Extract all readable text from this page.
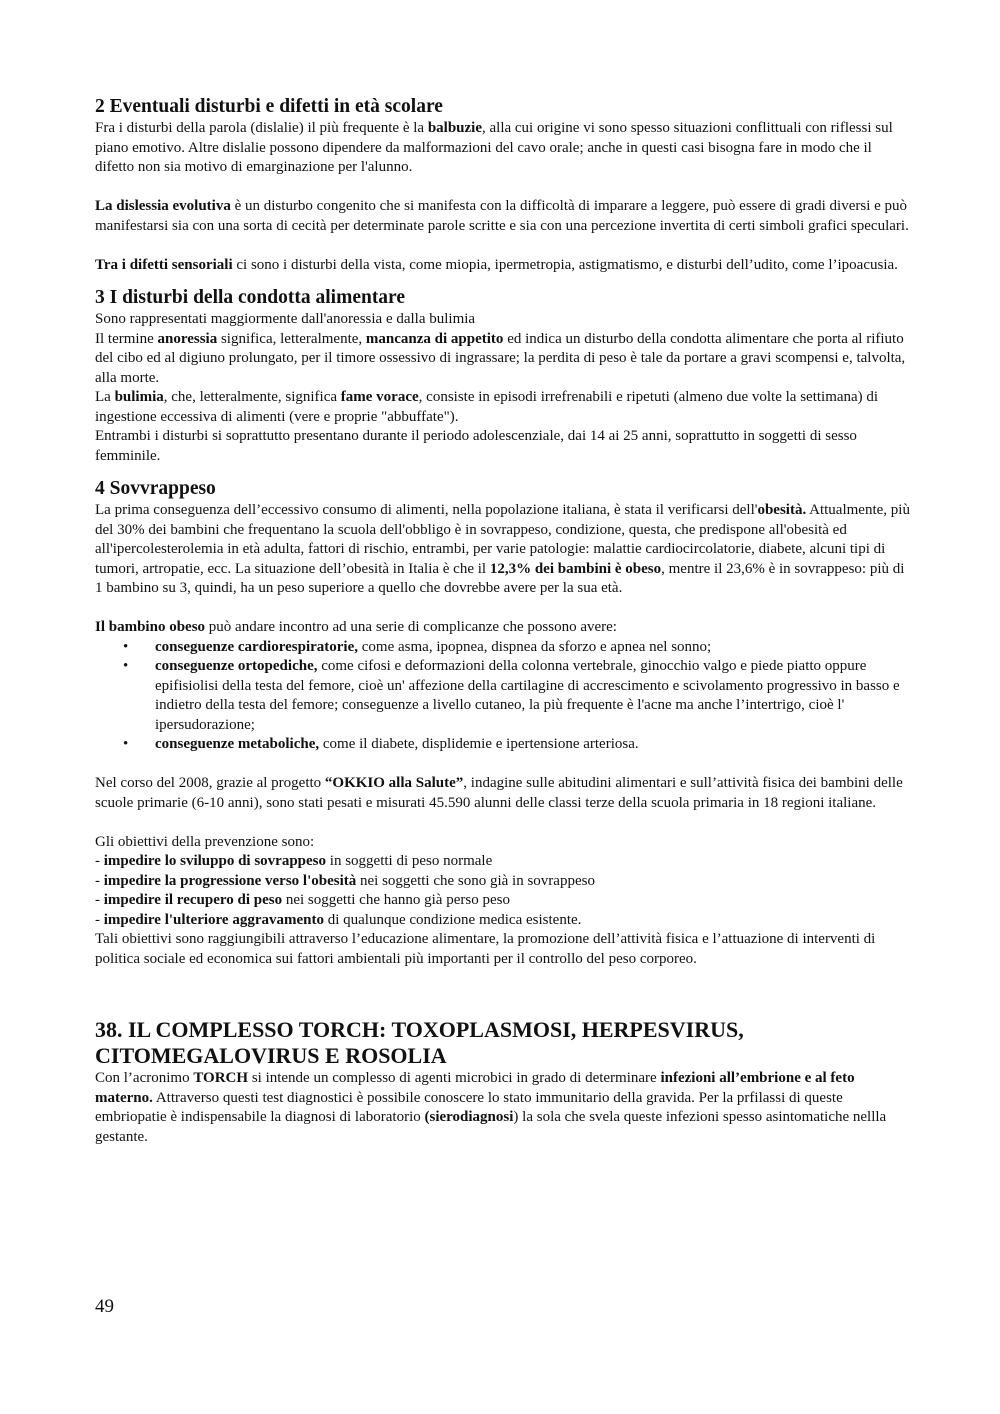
2 Eventuali disturbi e difetti in età scolare

Fra i disturbi della parola (dislalie) il più frequente è la balbuzie, alla cui origine vi sono spesso situazioni conflittuali con riflessi sul piano emotivo. Altre dislalie possono dipendere da malformazioni del cavo orale; anche in questi casi bisogna fare in modo che il difetto non sia motivo di emarginazione per l'alunno.

La dislessia evolutiva è un disturbo congenito che si manifesta con la difficoltà di imparare a leggere, può essere di gradi diversi e può manifestarsi sia con una sorta di cecità per determinate parole scritte e sia con una percezione invertita di certi simboli grafici speculari.

Tra i difetti sensoriali ci sono i disturbi della vista, come miopia, ipermetropia, astigmatismo, e disturbi dell’udito, come l’ipoacusia.

3 I disturbi della condotta alimentare

Sono rappresentati maggiormente dall'anoressia e dalla bulimia

Il termine anoressia significa, letteralmente, mancanza di appetito ed indica un disturbo della condotta alimentare che porta al rifiuto del cibo ed al digiuno prolungato, per il timore ossessivo di ingrassare; la perdita di peso è tale da portare a gravi scompensi e, talvolta, alla morte.

La bulimia, che, letteralmente, significa fame vorace, consiste in episodi irrefrenabili e ripetuti (almeno due volte la settimana) di ingestione eccessiva di alimenti (vere e proprie "abbuffate").

Entrambi i disturbi si soprattutto presentano durante il periodo adolescenziale, dai 14 ai 25 anni, soprattutto in soggetti di sesso femminile.

4 Sovvrappeso

La prima conseguenza dell’eccessivo consumo di alimenti, nella popolazione italiana, è stata il verificarsi dell'obesità. Attualmente, più del 30% dei bambini che frequentano la scuola dell'obbligo è in sovrappeso, condizione, questa, che predispone all'obesità ed all'ipercolesterolemia in età adulta, fattori di rischio, entrambi, per varie patologie: malattie cardiocircolatorie, diabete, alcuni tipi di tumori, artropatie, ecc. La situazione dell’obesità in Italia è che il 12,3% dei bambini è obeso, mentre il 23,6% è in sovrappeso: più di 1 bambino su 3, quindi, ha un peso superiore a quello che dovrebbe avere per la sua età.

Il bambino obeso può andare incontro ad una serie di complicanze che possono avere:

• conseguenze cardiorespiratorie, come asma, ipopnea, dispnea da sforzo e apnea nel sonno;
• conseguenze ortopediche, come cifosi e deformazioni della colonna vertebrale, ginocchio valgo e piede piatto oppure epifisiolisi della testa del femore, cioè un' affezione della cartilagine di accrescimento e scivolamento progressivo in basso e indietro della testa del femore; conseguenze a livello cutaneo, la più frequente è l'acne ma anche l’intertrigo, cioè l' ipersudorazione;
• conseguenze metaboliche, come il diabete, displidemie e ipertensione arteriosa.

Nel corso del 2008, grazie al progetto “OKKIO alla Salute”, indagine sulle abitudini alimentari e sull’attività fisica dei bambini delle scuole primarie (6-10 anni), sono stati pesati e misurati 45.590 alunni delle classi terze della scuola primaria in 18 regioni italiane.

Gli obiettivi della prevenzione sono:

- impedire lo sviluppo di sovrappeso in soggetti di peso normale

- impedire la progressione verso l'obesità nei soggetti che sono già in sovrappeso

- impedire il recupero di peso nei soggetti che hanno già perso peso

- impedire l'ulteriore aggravamento di qualunque condizione medica esistente.

Tali obiettivi sono raggiungibili attraverso l’educazione alimentare, la promozione dell’attività fisica e l’attuazione di interventi di politica sociale ed economica sui fattori ambientali più importanti per il controllo del peso corporeo.

38. IL COMPLESSO TORCH: TOXOPLASMOSI, HERPESVIRUS, CITOMEGALOVIRUS E ROSOLIA

Con l’acronimo TORCH si intende un complesso di agenti microbici in grado di determinare infezioni all’embrione e al feto materno. Attraverso questi test diagnostici è possibile conoscere lo stato immunitario della gravida. Per la prfilassi di queste embriopatie è indispensabile la diagnosi di laboratorio (sierodiagnosi) la sola che svela queste infezioni spesso asintomatiche nellla gestante.

49
